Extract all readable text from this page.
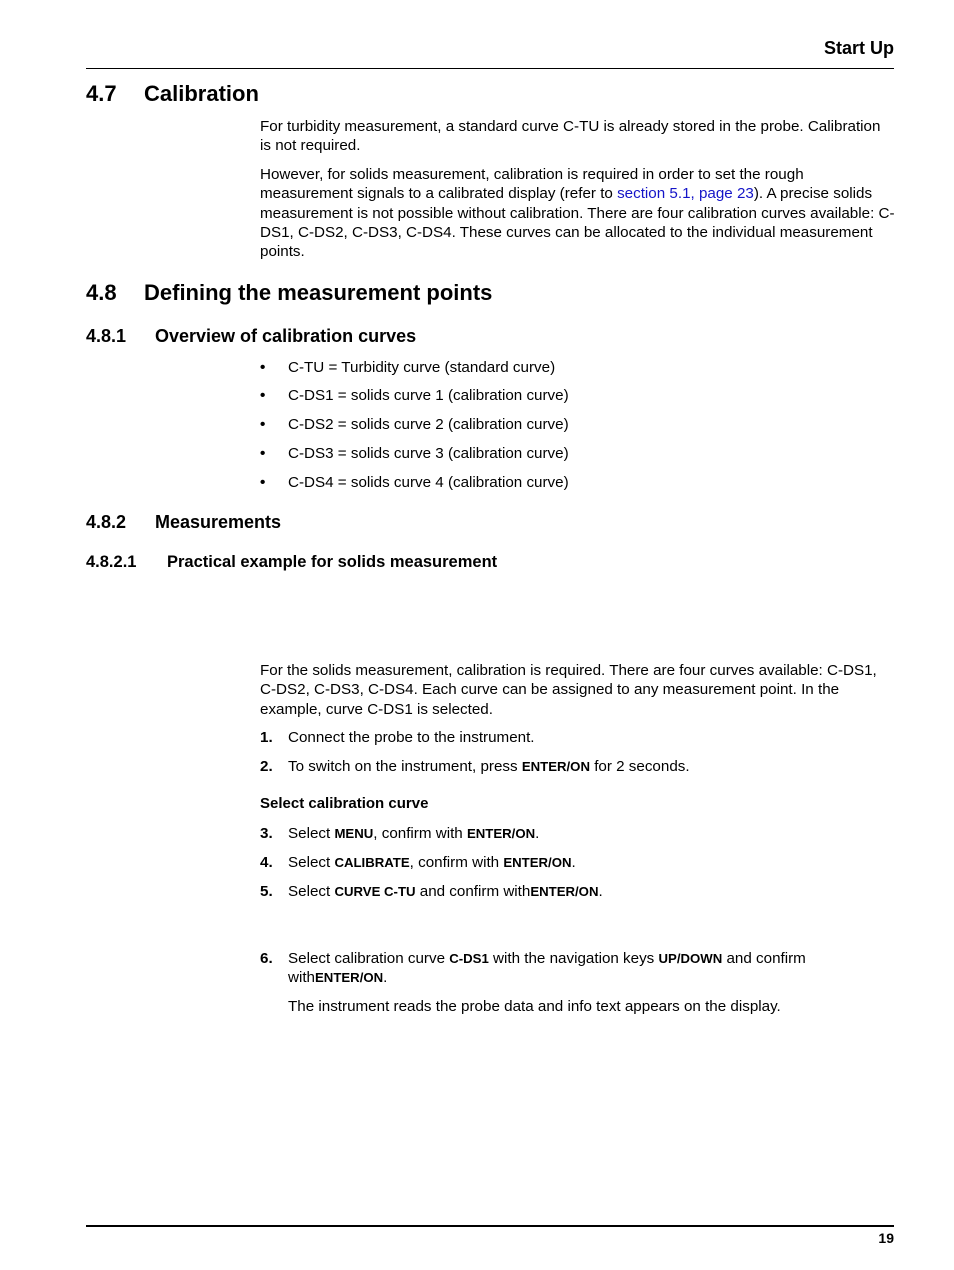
Start Up
4.7 Calibration
For turbidity measurement, a standard curve C-TU is already stored in the probe. Calibration is not required.
However, for solids measurement, calibration is required in order to set the rough measurement signals to a calibrated display (refer to section 5.1, page 23). A precise solids measurement is not possible without calibration. There are four calibration curves available: C-DS1, C-DS2, C-DS3, C-DS4. These curves can be allocated to the individual measurement points.
4.8 Defining the measurement points
4.8.1 Overview of calibration curves
• C-TU = Turbidity curve (standard curve)
• C-DS1 = solids curve 1 (calibration curve)
• C-DS2 = solids curve 2 (calibration curve)
• C-DS3 = solids curve 3 (calibration curve)
• C-DS4 = solids curve 4 (calibration curve)
4.8.2 Measurements
4.8.2.1 Practical example for solids measurement
For the solids measurement, calibration is required. There are four curves available: C-DS1, C-DS2, C-DS3, C-DS4. Each curve can be assigned to any measurement point. In the example, curve C-DS1 is selected.
1. Connect the probe to the instrument.
2. To switch on the instrument, press ENTER/ON for 2 seconds.
Select calibration curve
3. Select MENU, confirm with ENTER/ON.
4. Select CALIBRATE, confirm with ENTER/ON.
5. Select CURVE C-TU and confirm withENTER/ON.
6. Select calibration curve C-DS1 with the navigation keys UP/DOWN and confirm withENTER/ON.
The instrument reads the probe data and info text appears on the display.
19
